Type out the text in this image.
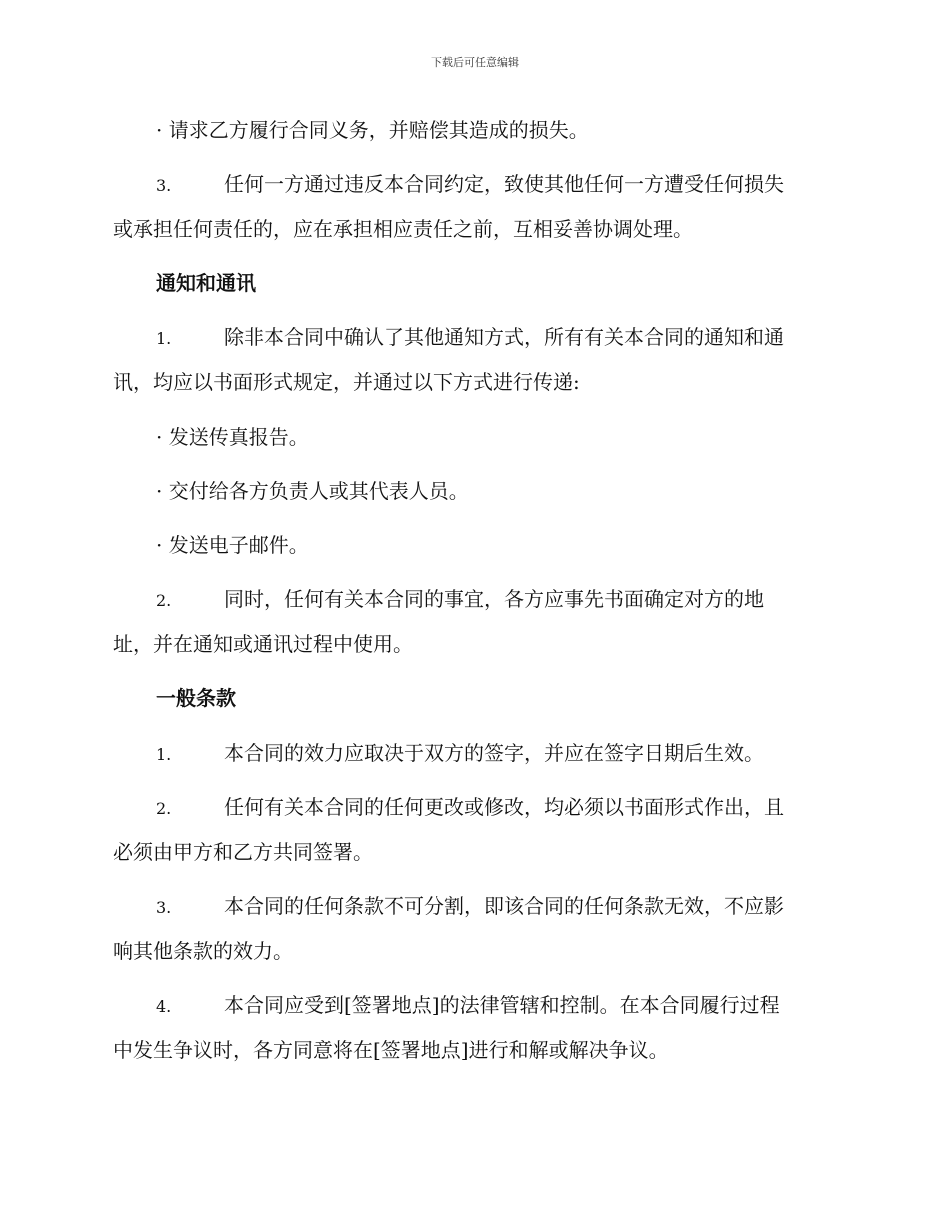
下载后可任意编辑
· 请求乙方履行合同义务，并赔偿其造成的损失。
3.	任何一方通过违反本合同约定，致使其他任何一方遭受任何损失
或承担任何责任的，应在承担相应责任之前，互相妥善协调处理。
通知和通讯
1.	除非本合同中确认了其他通知方式，所有有关本合同的通知和通
讯，均应以书面形式规定，并通过以下方式进行传递:
· 发送传真报告。
· 交付给各方负责人或其代表人员。
· 发送电子邮件。
2.	同时，任何有关本合同的事宜，各方应事先书面确定对方的地
址，并在通知或通讯过程中使用。
一般条款
1.	本合同的效力应取决于双方的签字，并应在签字日期后生效。
2.	任何有关本合同的任何更改或修改，均必须以书面形式作出，且
必须由甲方和乙方共同签署。
3.	本合同的任何条款不可分割，即该合同的任何条款无效，不应影
响其他条款的效力。
4.	本合同应受到[签署地点]的法律管辖和控制。在本合同履行过程
中发生争议时，各方同意将在[签署地点]进行和解或解决争议。
